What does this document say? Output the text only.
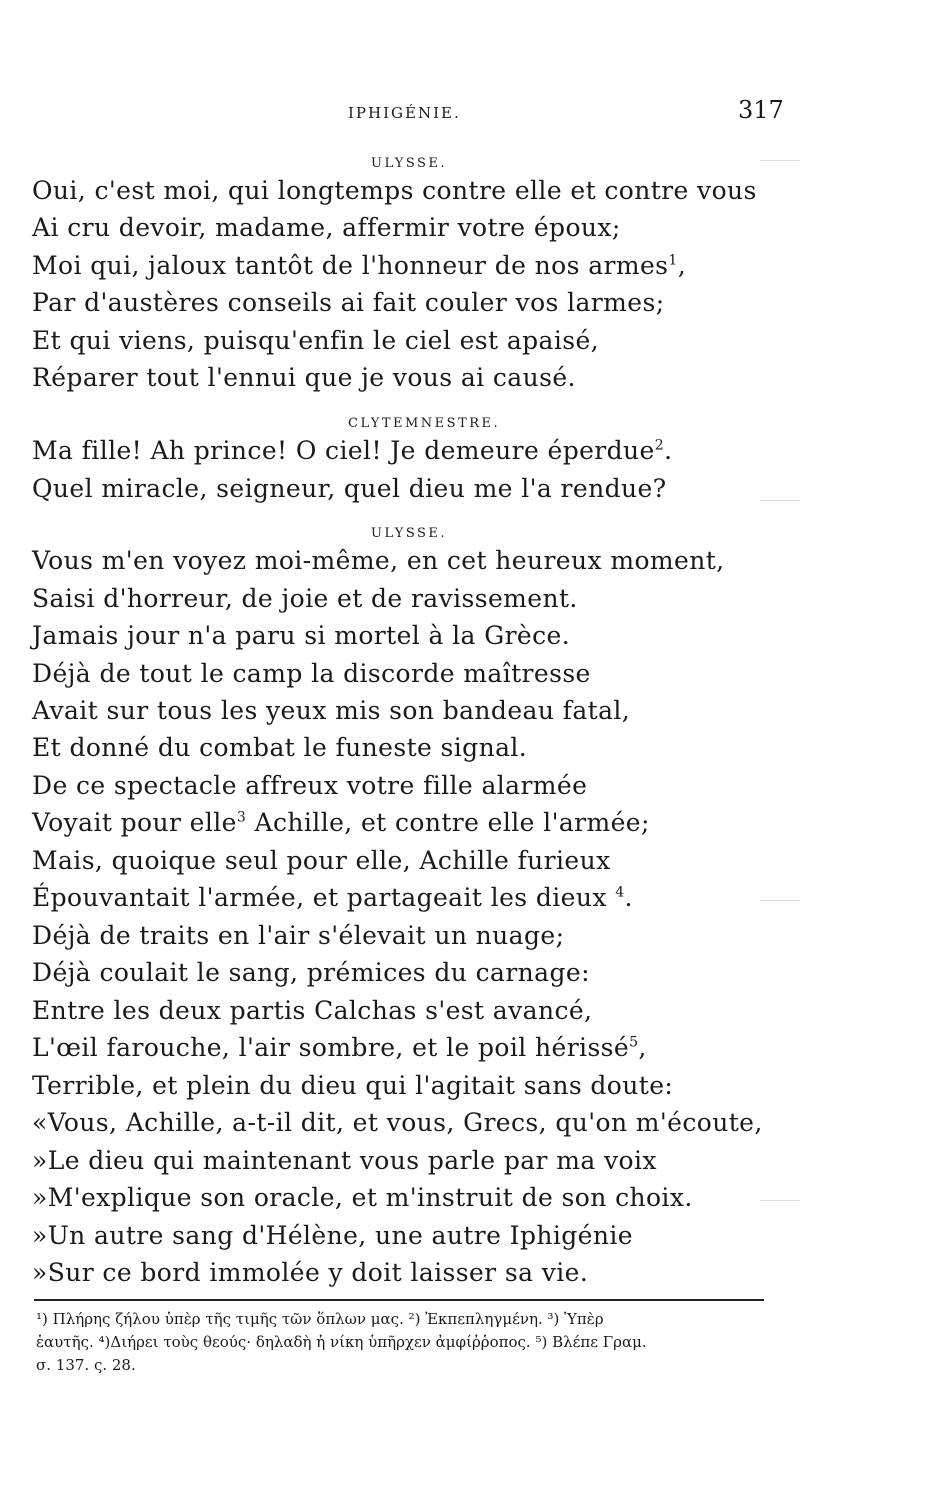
IPHIGÉNIE.	317
ULYSSE.
Oui, c'est moi, qui longtemps contre elle et contre vous
Ai cru devoir, madame, affermir votre époux;
Moi qui, jaloux tantôt de l'honneur de nos armes$^1$,
Par d'austères conseils ai fait couler vos larmes;
Et qui viens, puisqu'enfin le ciel est apaisé,
Réparer tout l'ennui que je vous ai causé.
CLYTEMNESTRE.
Ma fille! Ah prince! O ciel! Je demeure éperdue$^2$.
Quel miracle, seigneur, quel dieu me l'a rendue?
ULYSSE.
Vous m'en voyez moi-même, en cet heureux moment,
Saisi d'horreur, de joie et de ravissement.
Jamais jour n'a paru si mortel à la Grèce.
Déjà de tout le camp la discorde maîtresse
Avait sur tous les yeux mis son bandeau fatal,
Et donné du combat le funeste signal.
De ce spectacle affreux votre fille alarmée
Voyait pour elle$^3$ Achille, et contre elle l'armée;
Mais, quoique seul pour elle, Achille furieux
Épouvantait l'armée, et partageait les dieux $^4$.
Déjà de traits en l'air s'élevait un nuage;
Déjà coulait le sang, prémices du carnage:
Entre les deux partis Calchas s'est avancé,
L'œil farouche, l'air sombre, et le poil hérissé$^5$,
Terrible, et plein du dieu qui l'agitait sans doute:
«Vous, Achille, a-t-il dit, et vous, Grecs, qu'on m'écoute,
»Le dieu qui maintenant vous parle par ma voix
»M'explique son oracle, et m'instruit de son choix.
»Un autre sang d'Hélène, une autre Iphigénie
»Sur ce bord immolée y doit laisser sa vie.
¹) Πλήρης ζήλου ὑπὲρ τῆς τιμῆς τῶν ὅπλων μας. ²) Ἐκπεπληγμένη. ³) Ὑπὲρ
ἑαυτῆς. ⁴)Διήρει τοὺς θεούς· δηλαδὴ ἡ νίκη ὑπῆρχεν ἀμφίῤῥοπος. ⁵) Βλέπε Γραμ.
σ. 137. ς. 28.
